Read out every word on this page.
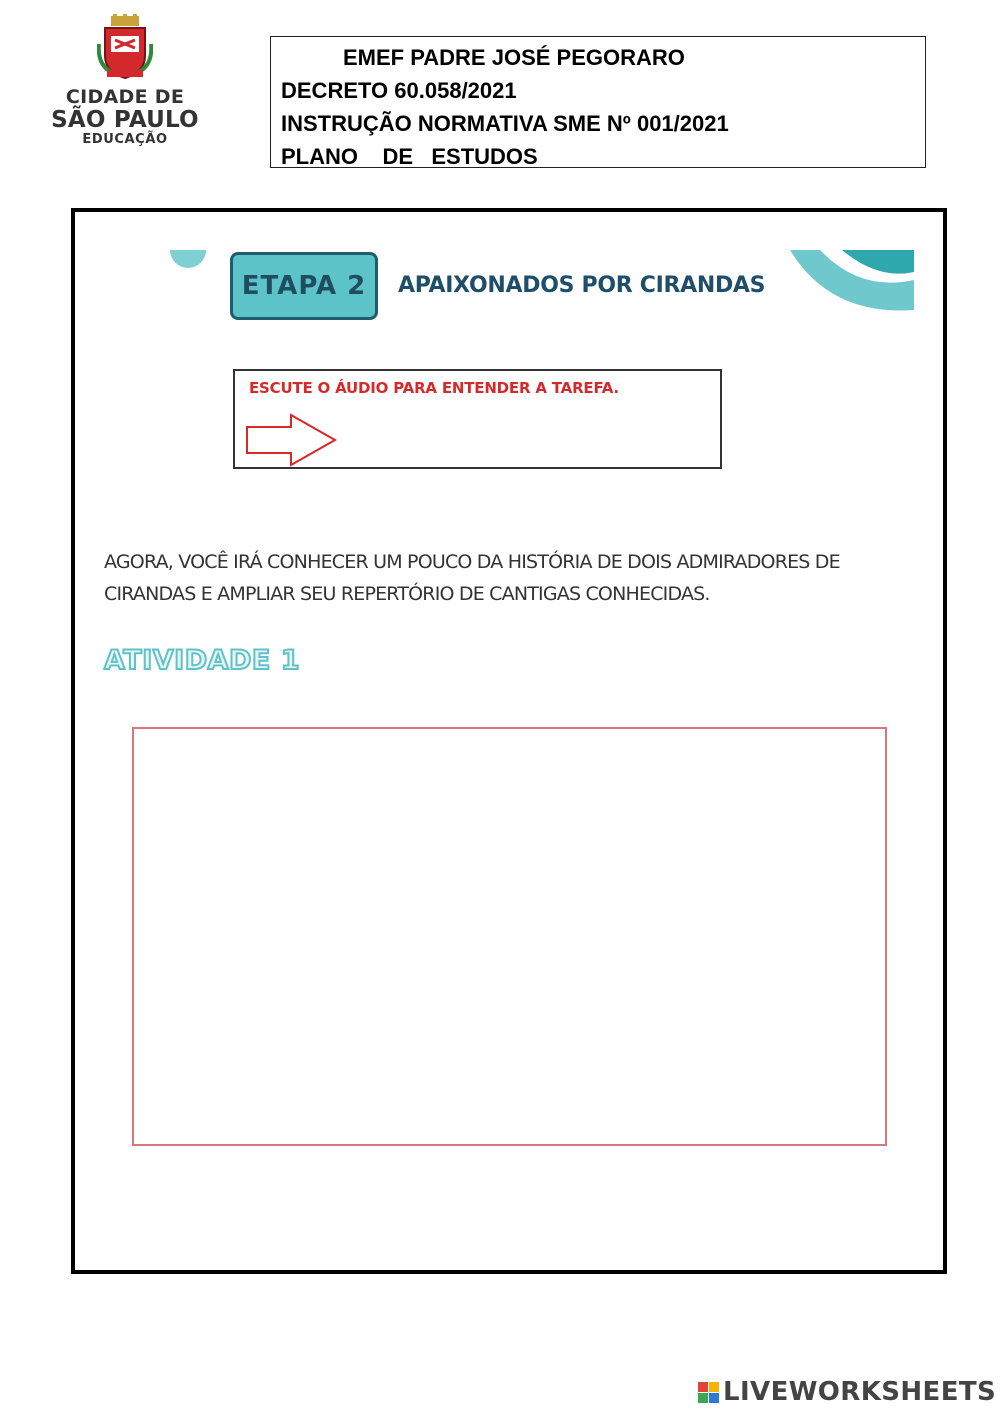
CIDADE DE
SÃO PAULO
EDUCAÇÃO
EMEF PADRE JOSÉ PEGORARO
DECRETO 60.058/2021
INSTRUÇÃO NORMATIVA SME Nº 001/2021
PLANO    DE   ESTUDOS
ETAPA 2	APAIXONADOS POR CIRANDAS
ESCUTE O ÁUDIO PARA ENTENDER A TAREFA.
AGORA, VOCÊ IRÁ CONHECER UM POUCO DA HISTÓRIA DE DOIS ADMIRADORES DE
CIRANDAS E AMPLIAR SEU REPERTÓRIO DE CANTIGAS CONHECIDAS.
ATIVIDADE 1
LIVEWORKSHEETS
